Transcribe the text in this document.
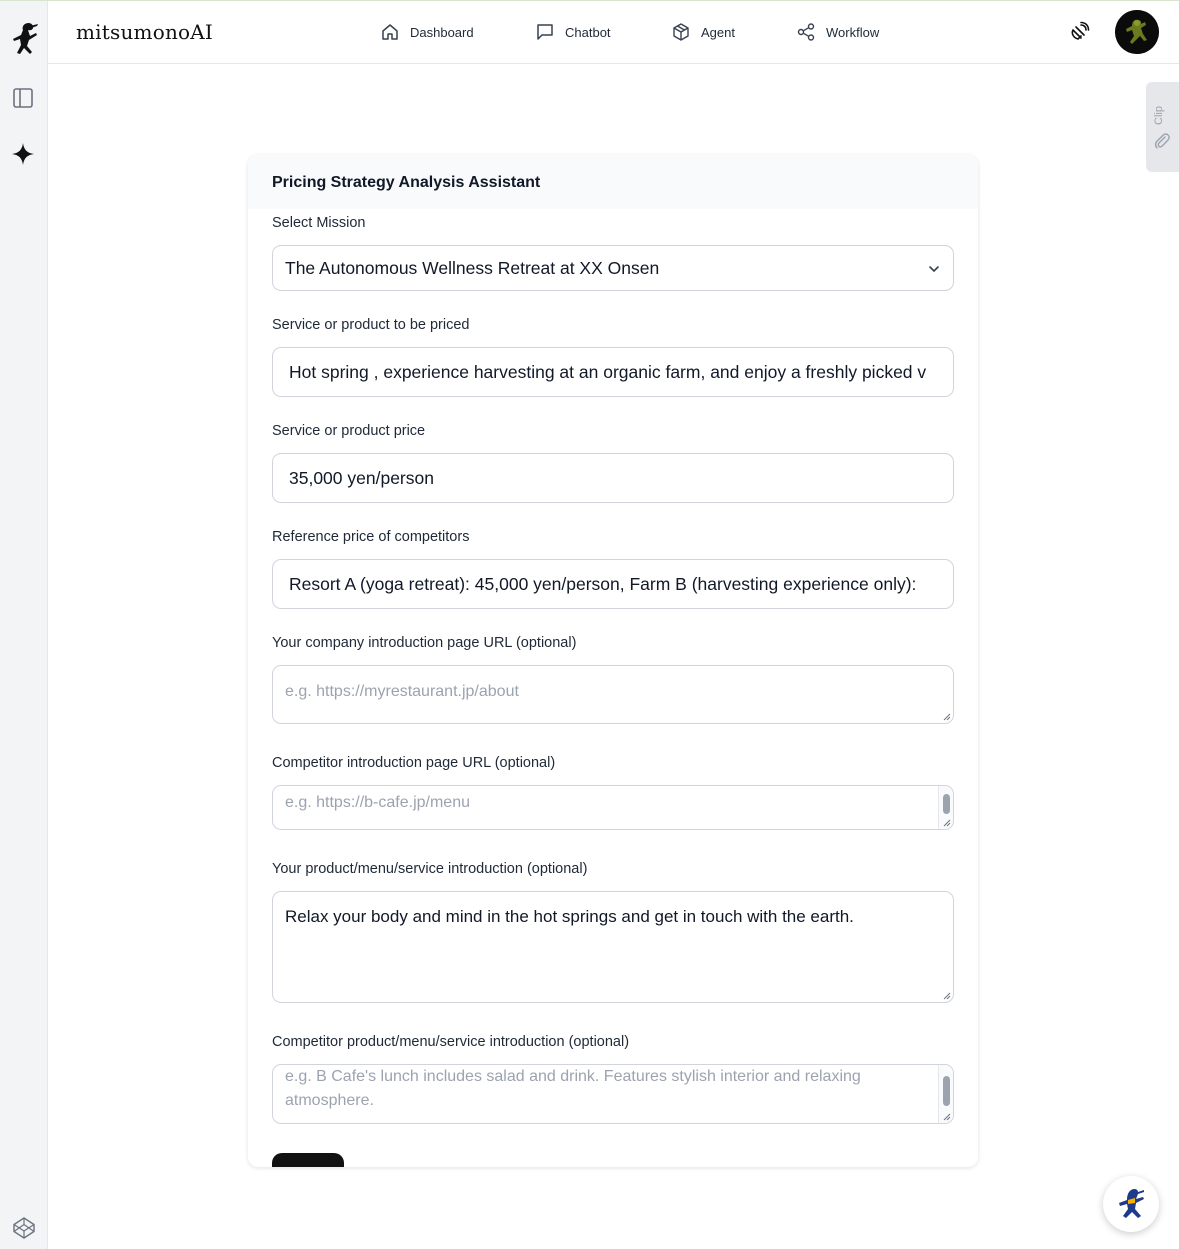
mitsumonoAI	Dashboard	Chatbot	Agent	Workflow
Clip
Pricing Strategy Analysis Assistant
Select Mission
The Autonomous Wellness Retreat at XX Onsen
Service or product to be priced
Hot spring , experience harvesting at an organic farm, and enjoy a freshly picked v
Service or product price
35,000 yen/person
Reference price of competitors
Resort A (yoga retreat): 45,000 yen/person, Farm B (harvesting experience only):
Your company introduction page URL (optional)
e.g. https://myrestaurant.jp/about
Competitor introduction page URL (optional)
e.g. https://b-cafe.jp/menu
Your product/menu/service introduction (optional)
Relax your body and mind in the hot springs and get in touch with the earth.
Competitor product/menu/service introduction (optional)
e.g. B Cafe's lunch includes salad and drink. Features stylish interior and relaxing atmosphere.
